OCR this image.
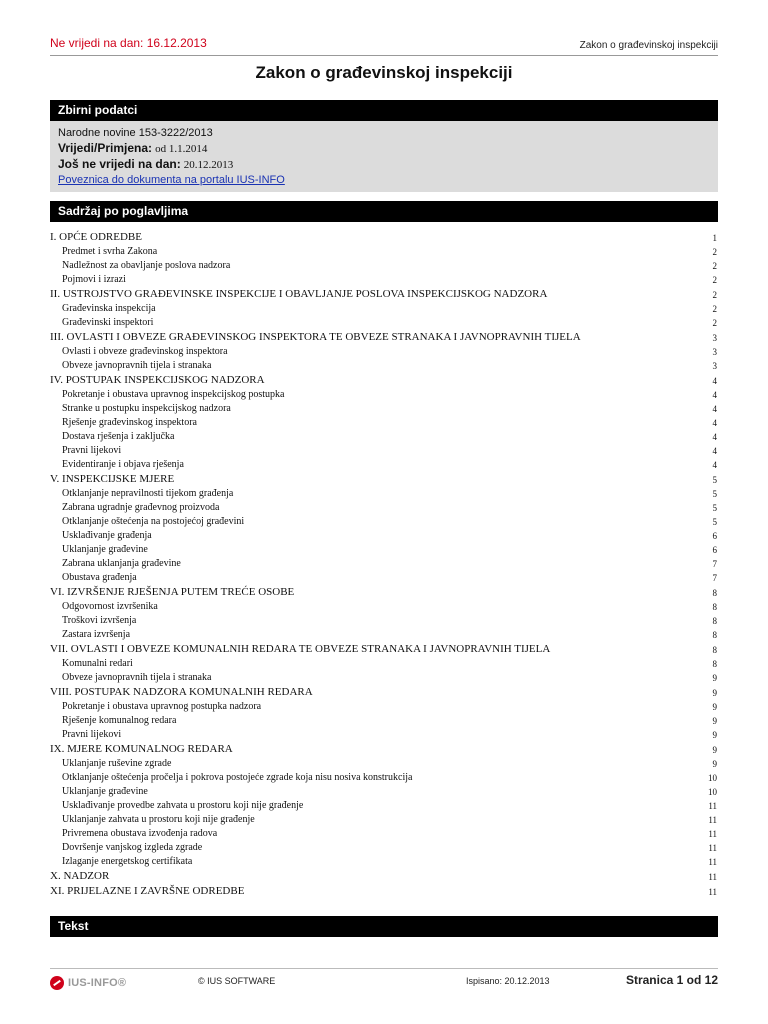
Ne vrijedi na dan: 16.12.2013	Zakon o građevinskoj inspekciji
Zakon o građevinskoj inspekciji
Zbirni podatci
Narodne novine 153-3222/2013
Vrijedi/Primjena: od 1.1.2014
Još ne vrijedi na dan: 20.12.2013
Poveznica do dokumenta na portalu IUS-INFO
Sadržaj po poglavljima
I. OPĆE ODREDBE	1
Predmet i svrha Zakona	2
Nadležnost za obavljanje poslova nadzora	2
Pojmovi i izrazi	2
II. USTROJSTVO GRAĐEVINSKE INSPEKCIJE I OBAVLJANJE POSLOVA INSPEKCIJSKOG NADZORA	2
Građevinska inspekcija	2
Građevinski inspektori	2
III. OVLASTI I OBVEZE GRAĐEVINSKOG INSPEKTORA TE OBVEZE STRANAKA I JAVNOPRAVNIH TIJELA	3
Ovlasti i obveze građevinskog inspektora	3
Obveze javnopravnih tijela i stranaka	3
IV. POSTUPAK INSPEKCIJSKOG NADZORA	4
Pokretanje i obustava upravnog inspekcijskog postupka	4
Stranke u postupku inspekcijskog nadzora	4
Rješenje građevinskog inspektora	4
Dostava rješenja i zaključka	4
Pravni lijekovi	4
Evidentiranje i objava rješenja	4
V. INSPEKCIJSKE MJERE	5
Otklanjanje nepravilnosti tijekom građenja	5
Zabrana ugradnje građevnog proizvoda	5
Otklanjanje oštećenja na postojećoj građevini	5
Usklađivanje građenja	6
Uklanjanje građevine	6
Zabrana uklanjanja građevine	7
Obustava građenja	7
VI. IZVRŠENJE RJEŠENJA PUTEM TREĆE OSOBE	8
Odgovornost izvršenika	8
Troškovi izvršenja	8
Zastara izvršenja	8
VII. OVLASTI I OBVEZE KOMUNALNIH REDARA TE OBVEZE STRANAKA I JAVNOPRAVNIH TIJELA	8
Komunalni redari	8
Obveze javnopravnih tijela i stranaka	9
VIII. POSTUPAK NADZORA KOMUNALNIH REDARA	9
Pokretanje i obustava upravnog postupka nadzora	9
Rješenje komunalnog redara	9
Pravni lijekovi	9
IX. MJERE KOMUNALNOG REDARA	9
Uklanjanje ruševine zgrade	9
Otklanjanje oštećenja pročelja i pokrova postojeće zgrade koja nisu nosiva konstrukcija	10
Uklanjanje građevine	10
Usklađivanje provedbe zahvata u prostoru koji nije građenje	11
Uklanjanje zahvata u prostoru koji nije građenje	11
Privremena obustava izvođenja radova	11
Dovršenje vanjskog izgleda zgrade	11
Izlaganje energetskog certifikata	11
X. NADZOR	11
XI. PRIJELAZNE I ZAVRŠNE ODREDBE	11
Tekst
IUS-INFO®	© IUS SOFTWARE	Ispisano: 20.12.2013	Stranica 1 od 12
